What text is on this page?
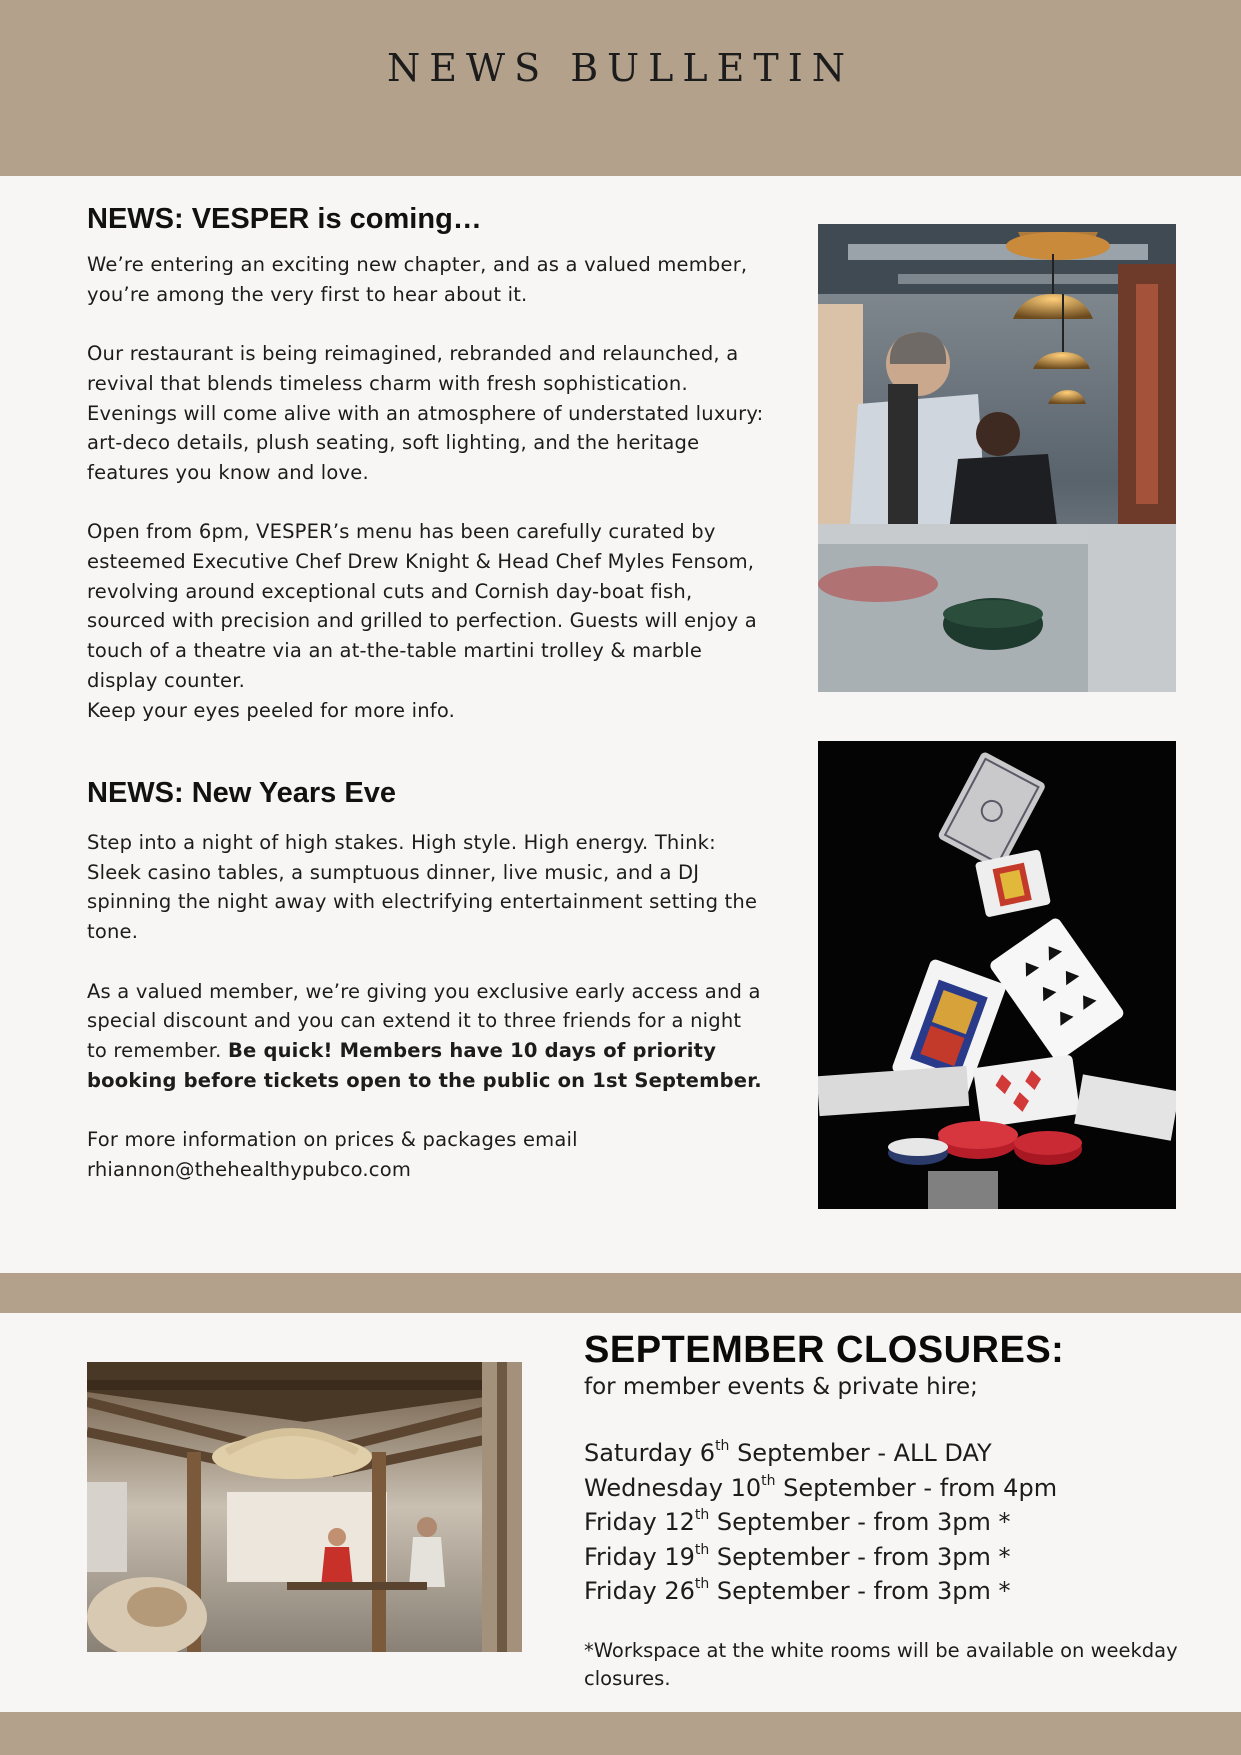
NEWS BULLETIN
NEWS: VESPER is coming…

We’re entering an exciting new chapter, and as a valued member, you’re among the very first to hear about it.

Our restaurant is being reimagined, rebranded and relaunched, a revival that blends timeless charm with fresh sophistication. Evenings will come alive with an atmosphere of understated luxury: art-deco details, plush seating, soft lighting, and the heritage features you know and love.

Open from 6pm, VESPER’s menu has been carefully curated by esteemed Executive Chef Drew Knight & Head Chef Myles Fensom, revolving around exceptional cuts and Cornish day-boat fish, sourced with precision and grilled to perfection. Guests will enjoy a touch of a theatre via an at-the-table martini trolley & marble display counter.

Keep your eyes peeled for more info.

NEWS: New Years Eve

Step into a night of high stakes. High style. High energy. Think: Sleek casino tables, a sumptuous dinner, live music, and a DJ spinning the night away with electrifying entertainment setting the tone.

As a valued member, we’re giving you exclusive early access and a special discount and you can extend it to three friends for a night to remember. Be quick! Members have 10 days of priority booking before tickets open to the public on 1st September.

For more information on prices & packages email

rhiannon@thehealthypubco.com

SEPTEMBER CLOSURES:

for member events & private hire;

Saturday 6th September - ALL DAY
Wednesday 10th September - from 4pm
Friday 12th September - from 3pm *
Friday 19th September - from 3pm *
Friday 26th September - from 3pm *

*Workspace at the white rooms will be available on weekday closures.
